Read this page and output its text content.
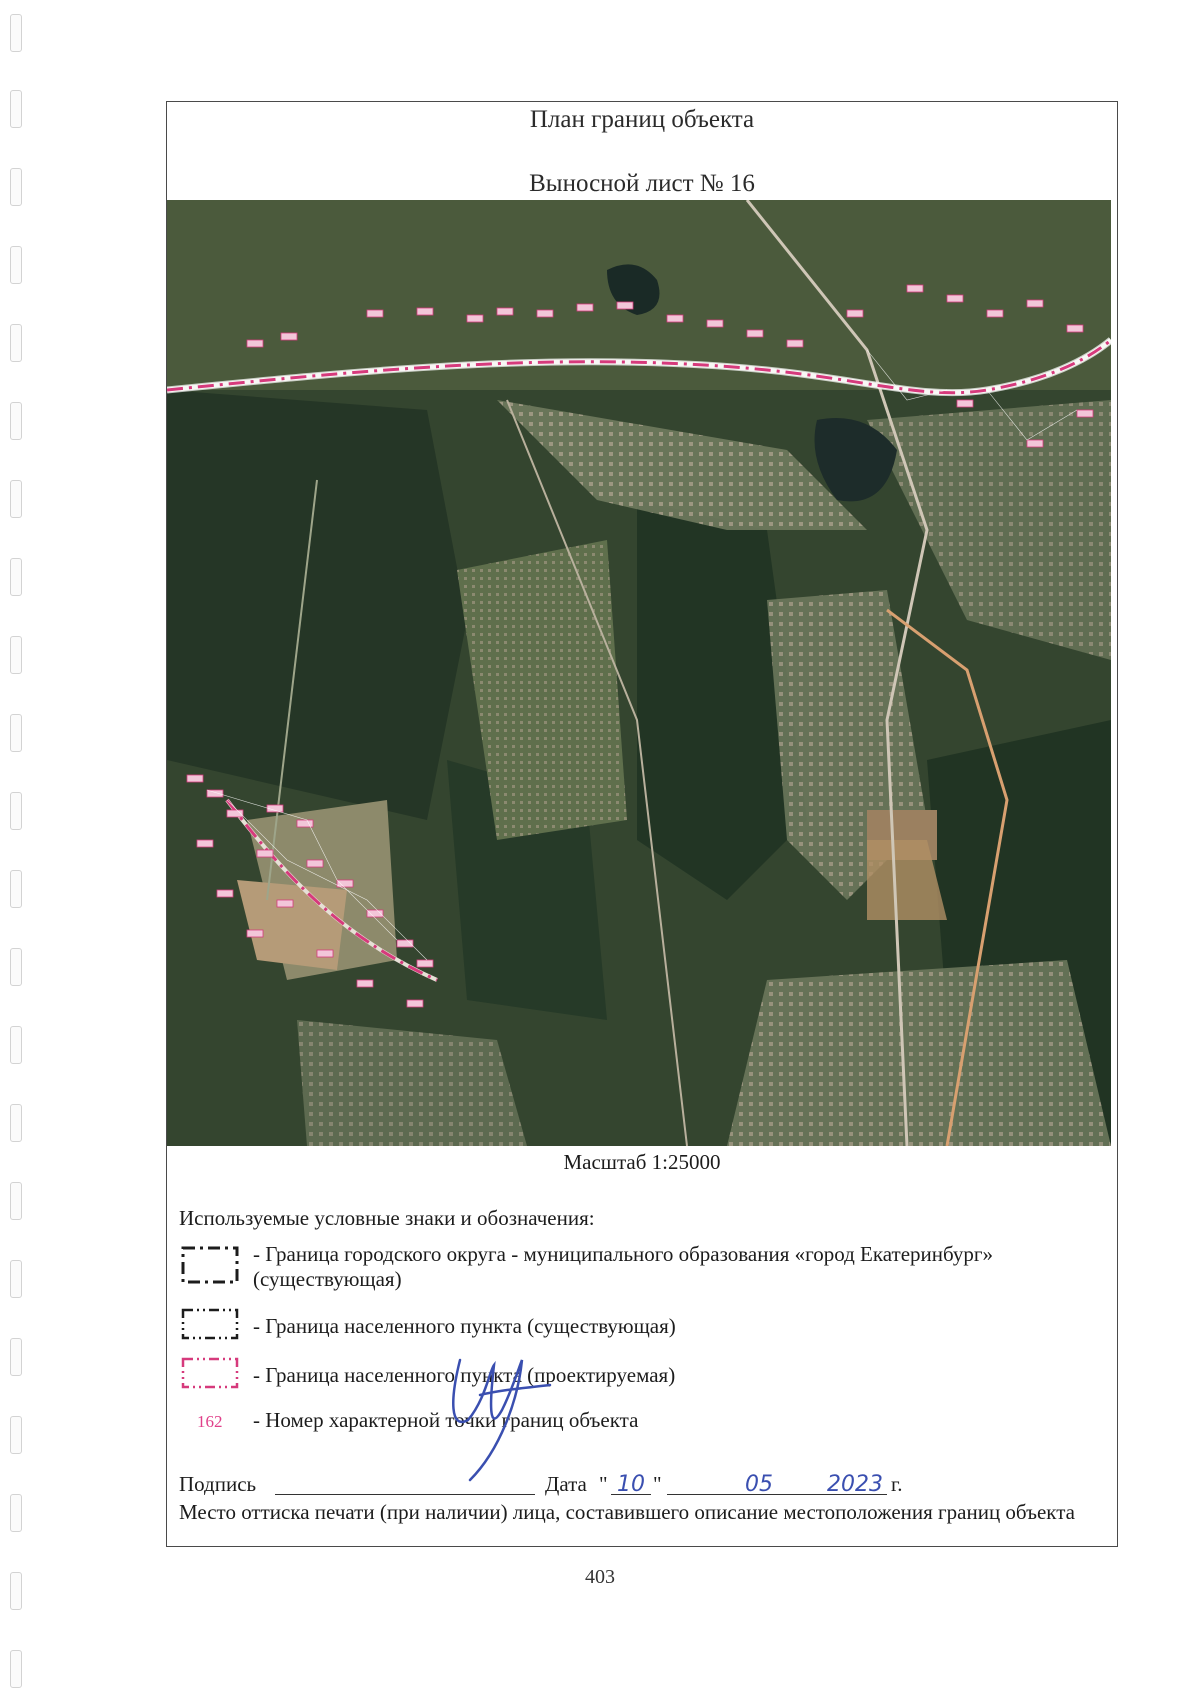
План границ объекта
Выносной лист № 16
Масштаб 1:25000
Используемые условные знаки и обозначения:
- Граница городского округа - муниципального образования «город Екатеринбург» (существующая)
- Граница населенного пункта (существующая)
- Граница населенного пункта (проектируемая)
162 - Номер характерной точки границ объекта
Подпись	Дата " 10 "	05 2023 г.
Место оттиска печати (при наличии) лица, составившего описание местоположения границ объекта
403
